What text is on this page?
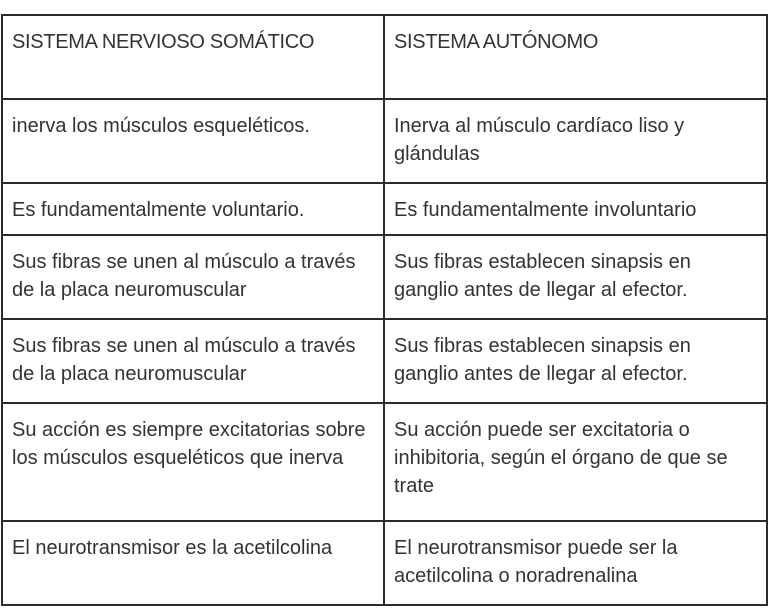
SISTEMA NERVIOSO SOMÁTICO	SISTEMA AUTÓNOMO
inerva los músculos esqueléticos.	Inerva al músculo cardíaco liso y glándulas
Es fundamentalmente voluntario.	Es fundamentalmente involuntario
Sus fibras se unen al músculo a través de la placa neuromuscular	Sus fibras establecen sinapsis en ganglio antes de llegar al efector.
Sus fibras se unen al músculo a través de la placa neuromuscular	Sus fibras establecen sinapsis en ganglio antes de llegar al efector.
Su acción es siempre excitatorias sobre los músculos esqueléticos que inerva	Su acción puede ser excitatoria o inhibitoria, según el órgano de que se trate
El neurotransmisor es la acetilcolina	El neurotransmisor puede ser la acetilcolina o noradrenalina
